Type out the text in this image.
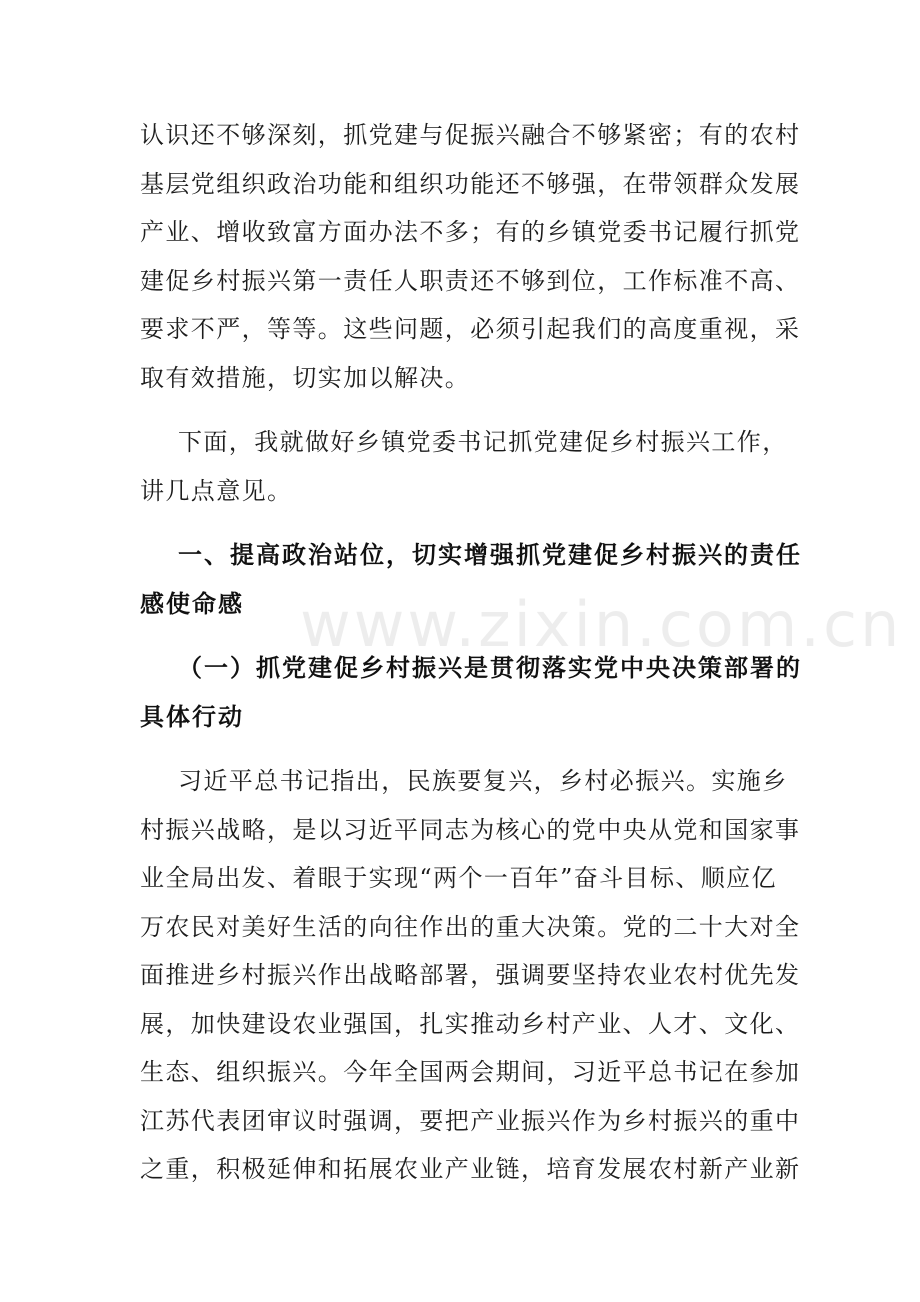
www.zixin.com.cn
认识还不够深刻，抓党建与促振兴融合不够紧密；有的农村
基层党组织政治功能和组织功能还不够强，在带领群众发展
产业、增收致富方面办法不多；有的乡镇党委书记履行抓党
建促乡村振兴第一责任人职责还不够到位，工作标准不高、
要求不严，等等。这些问题，必须引起我们的高度重视，采
取有效措施，切实加以解决。
下面，我就做好乡镇党委书记抓党建促乡村振兴工作，
讲几点意见。
一、提高政治站位，切实增强抓党建促乡村振兴的责任
感使命感
（一）抓党建促乡村振兴是贯彻落实党中央决策部署的
具体行动
习近平总书记指出，民族要复兴，乡村必振兴。实施乡
村振兴战略，是以习近平同志为核心的党中央从党和国家事
业全局出发、着眼于实现“两个一百年”奋斗目标、顺应亿
万农民对美好生活的向往作出的重大决策。党的二十大对全
面推进乡村振兴作出战略部署，强调要坚持农业农村优先发
展，加快建设农业强国，扎实推动乡村产业、人才、文化、
生态、组织振兴。今年全国两会期间，习近平总书记在参加
江苏代表团审议时强调，要把产业振兴作为乡村振兴的重中
之重，积极延伸和拓展农业产业链，培育发展农村新产业新
